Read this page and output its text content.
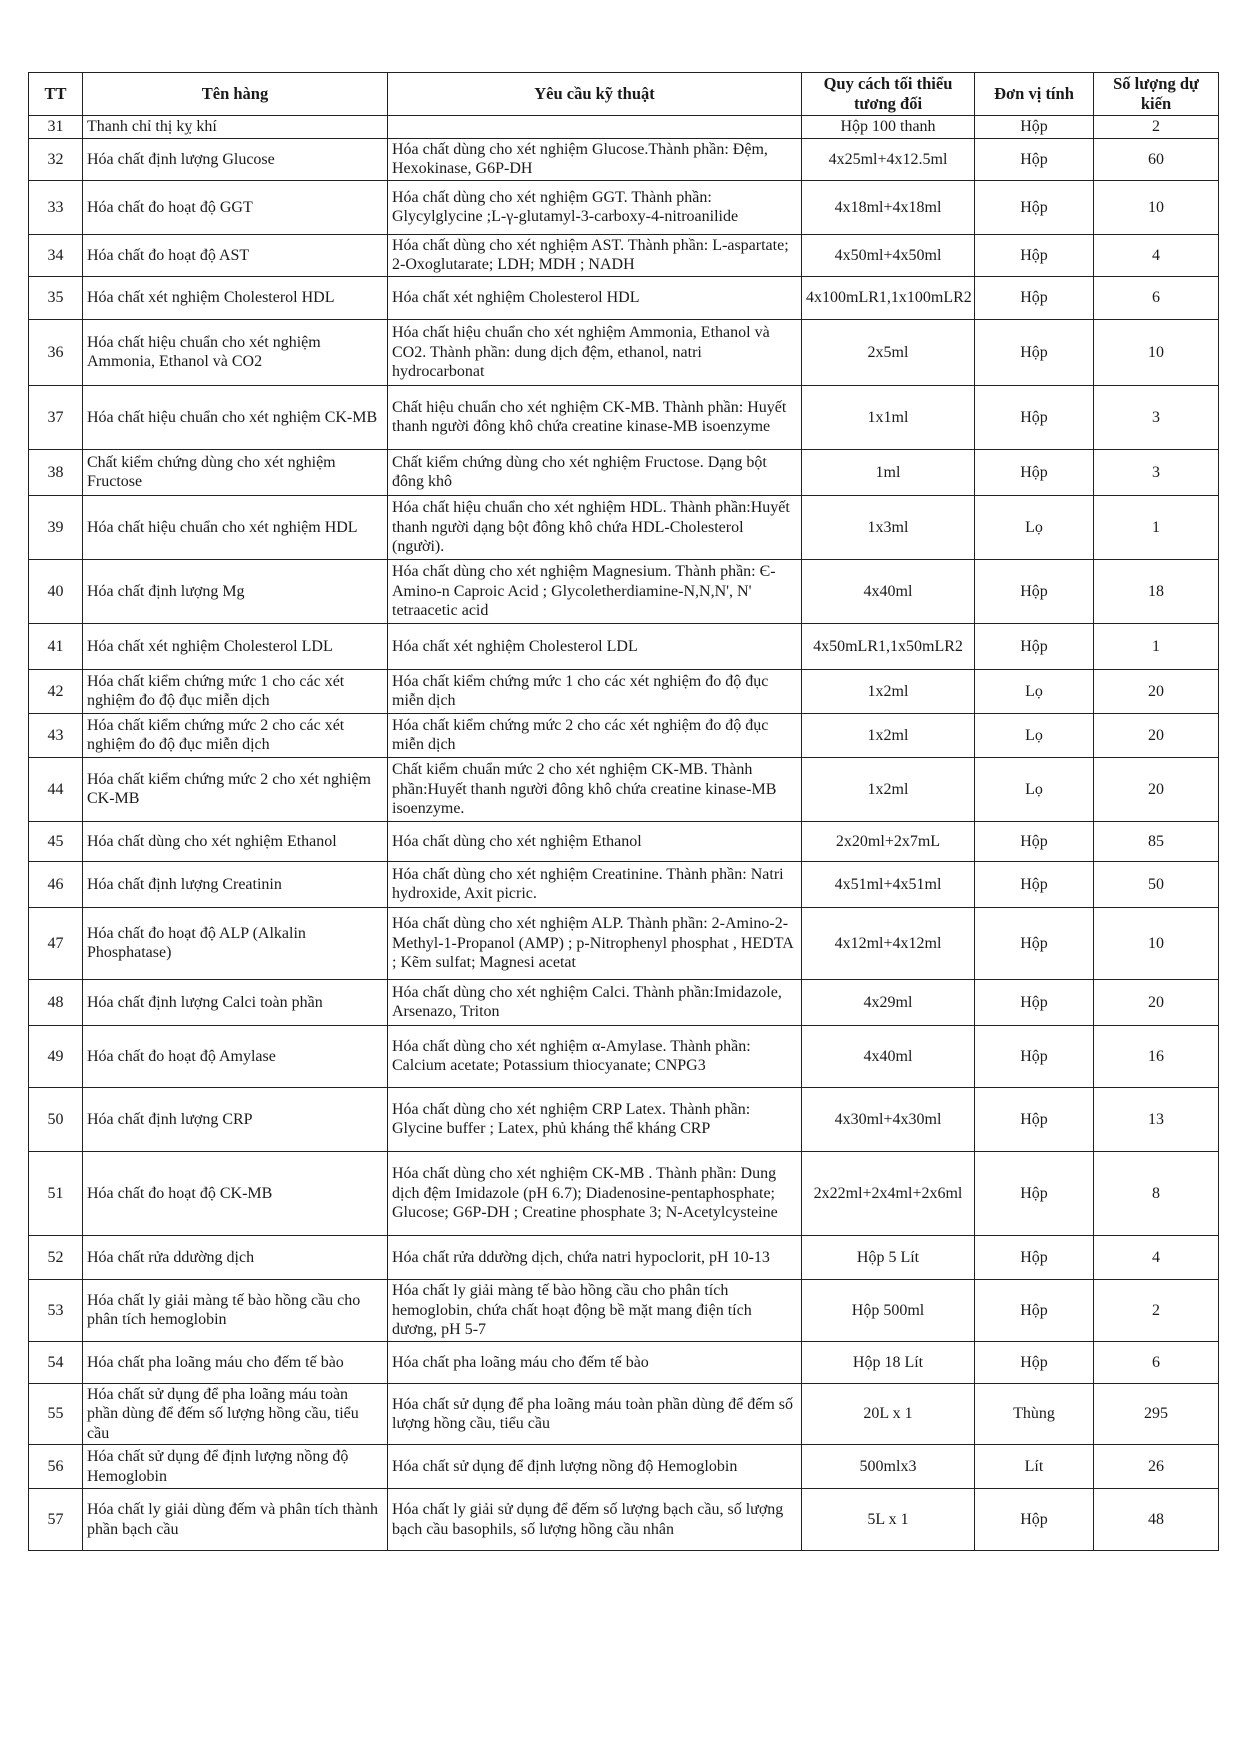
TT	Tên hàng	Yêu cầu kỹ thuật	Quy cách tối thiểu tương đối	Đơn vị tính	Số lượng dự kiến
31	Thanh chỉ thị kỵ khí		Hộp 100 thanh	Hộp	2
32	Hóa chất định lượng Glucose	Hóa chất dùng cho xét nghiệm Glucose.Thành phần: Đệm, Hexokinase, G6P-DH	4x25ml+4x12.5ml	Hộp	60
33	Hóa chất đo hoạt độ GGT	Hóa chất dùng cho xét nghiệm GGT. Thành phần: Glycylglycine ;L-γ-glutamyl-3-carboxy-4-nitroanilide	4x18ml+4x18ml	Hộp	10
34	Hóa chất đo hoạt độ AST	Hóa chất dùng cho xét nghiệm AST. Thành phần: L-aspartate; 2-Oxoglutarate; LDH; MDH ; NADH	4x50ml+4x50ml	Hộp	4
35	Hóa chất xét nghiệm Cholesterol HDL	Hóa chất xét nghiệm Cholesterol HDL	4x100mLR1,1x100mLR2	Hộp	6
36	Hóa chất hiệu chuẩn cho xét nghiệm Ammonia, Ethanol và CO2	Hóa chất hiệu chuẩn cho xét nghiệm Ammonia, Ethanol và CO2. Thành phần: dung dịch đệm, ethanol, natri hydrocarbonat	2x5ml	Hộp	10
37	Hóa chất hiệu chuẩn cho xét nghiệm CK-MB	Chất hiệu chuẩn cho xét nghiệm CK-MB. Thành phần: Huyết thanh người đông khô chứa creatine kinase-MB isoenzyme	1x1ml	Hộp	3
38	Chất kiểm chứng dùng cho xét nghiệm Fructose	Chất kiểm chứng dùng cho xét nghiệm Fructose. Dạng bột đông khô	1ml	Hộp	3
39	Hóa chất hiệu chuẩn cho xét nghiệm HDL	Hóa chất hiệu chuẩn cho xét nghiệm HDL. Thành phần:Huyết thanh người dạng bột đông khô chứa HDL-Cholesterol (người).	1x3ml	Lọ	1
40	Hóa chất định lượng Mg	Hóa chất dùng cho xét nghiệm Magnesium. Thành phần: Є-Amino-n Caproic Acid ; Glycoletherdiamine-N,N,N', N' tetraacetic acid	4x40ml	Hộp	18
41	Hóa chất xét nghiệm Cholesterol LDL	Hóa chất xét nghiệm Cholesterol LDL	4x50mLR1,1x50mLR2	Hộp	1
42	Hóa chất kiểm chứng mức 1 cho các xét nghiệm đo độ đục miễn dịch	Hóa chất kiểm chứng mức 1 cho các xét nghiệm đo độ đục miễn dịch	1x2ml	Lọ	20
43	Hóa chất kiểm chứng mức 2 cho các xét nghiệm đo độ đục miễn dịch	Hóa chất kiểm chứng mức 2 cho các xét nghiệm đo độ đục miễn dịch	1x2ml	Lọ	20
44	Hóa chất kiểm chứng mức 2 cho xét nghiệm CK-MB	Chất kiểm chuẩn mức 2 cho xét nghiệm CK-MB. Thành phần:Huyết thanh người đông khô chứa creatine kinase-MB isoenzyme.	1x2ml	Lọ	20
45	Hóa chất dùng cho xét nghiệm Ethanol	Hóa chất dùng cho xét nghiệm Ethanol	2x20ml+2x7mL	Hộp	85
46	Hóa chất định lượng Creatinin	Hóa chất dùng cho xét nghiệm Creatinine. Thành phần: Natri hydroxide, Axit picric.	4x51ml+4x51ml	Hộp	50
47	Hóa chất đo hoạt độ ALP (Alkalin Phosphatase)	Hóa chất dùng cho xét nghiệm ALP. Thành phần: 2-Amino-2-Methyl-1-Propanol (AMP) ; p-Nitrophenyl phosphat , HEDTA ; Kẽm sulfat; Magnesi acetat	4x12ml+4x12ml	Hộp	10
48	Hóa chất định lượng Calci toàn phần	Hóa chất dùng cho xét nghiệm Calci. Thành phần:Imidazole, Arsenazo, Triton	4x29ml	Hộp	20
49	Hóa chất đo hoạt độ Amylase	Hóa chất dùng cho xét nghiệm α-Amylase. Thành phần: Calcium acetate; Potassium thiocyanate; CNPG3	4x40ml	Hộp	16
50	Hóa chất định lượng CRP	Hóa chất dùng cho xét nghiệm CRP Latex. Thành phần: Glycine buffer ; Latex, phủ kháng thể kháng CRP	4x30ml+4x30ml	Hộp	13
51	Hóa chất đo hoạt độ CK-MB	Hóa chất dùng cho xét nghiệm CK-MB . Thành phần: Dung dịch đệm Imidazole (pH 6.7); Diadenosine-pentaphosphate; Glucose; G6P-DH ; Creatine phosphate 3; N-Acetylcysteine	2x22ml+2x4ml+2x6ml	Hộp	8
52	Hóa chất rửa ddường dịch	Hóa chất rửa ddường dịch, chứa natri hypoclorit, pH 10-13	Hộp 5 Lít	Hộp	4
53	Hóa chất ly giải màng tế bào hồng cầu cho phân tích hemoglobin	Hóa chất ly giải màng tế bào hồng cầu cho phân tích hemoglobin, chứa chất hoạt động bề mặt mang điện tích dương, pH 5-7	Hộp 500ml	Hộp	2
54	Hóa chất pha loãng máu cho đếm tế bào	Hóa chất pha loãng máu cho đếm tế bào	Hộp 18 Lít	Hộp	6
55	Hóa chất sử dụng để pha loãng máu toàn phần dùng để đếm số lượng hồng cầu, tiểu cầu	Hóa chất sử dụng để pha loãng máu toàn phần dùng để đếm số lượng hồng cầu, tiểu cầu	20L x 1	Thùng	295
56	Hóa chất sử dụng để định lượng nồng độ Hemoglobin	Hóa chất sử dụng để định lượng nồng độ Hemoglobin	500mlx3	Lít	26
57	Hóa chất ly giải dùng đếm và phân tích thành phần bạch cầu	Hóa chất ly giải sử dụng để đếm số lượng bạch cầu, số lượng bạch cầu basophils, số lượng hồng cầu nhân	5L x 1	Hộp	48
